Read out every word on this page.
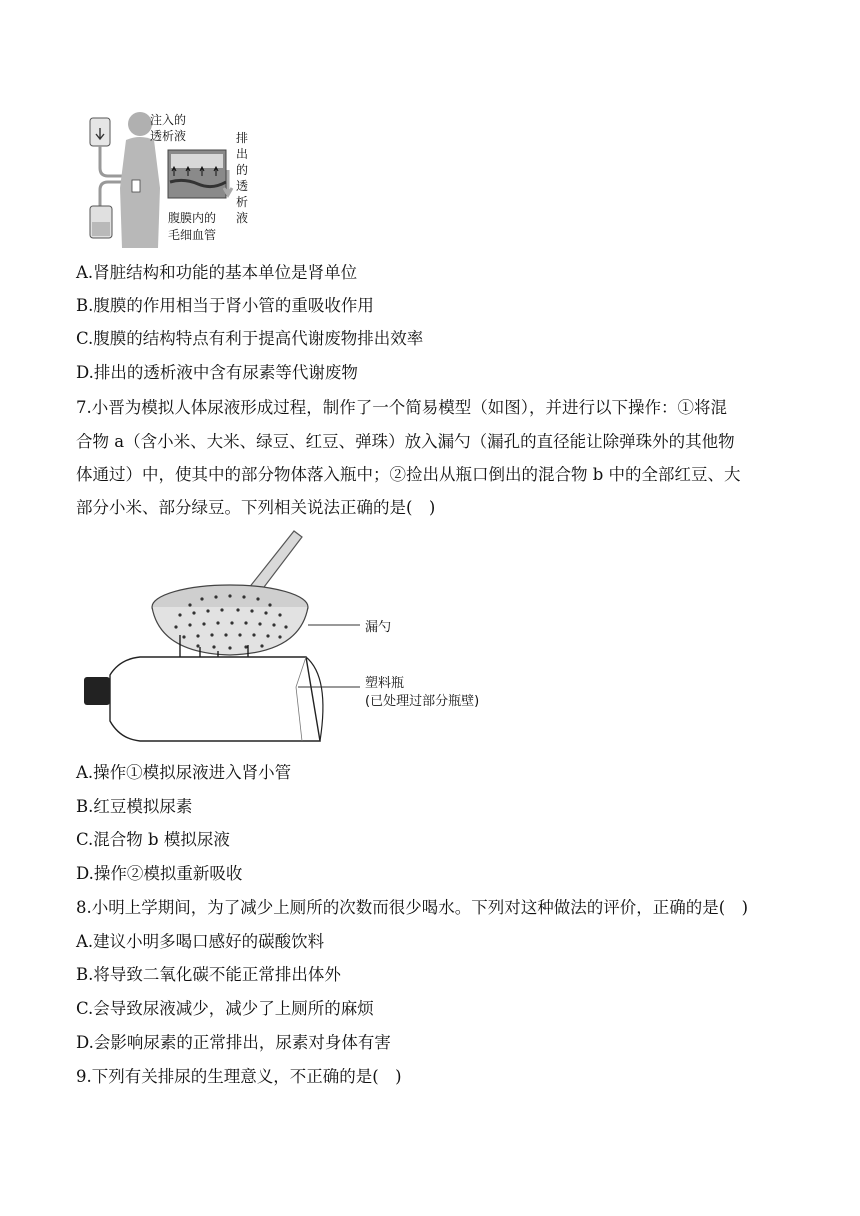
注入的
透析液	排
出
的
透
析
液
腹膜内的
毛细血管
A.肾脏结构和功能的基本单位是肾单位
B.腹膜的作用相当于肾小管的重吸收作用
C.腹膜的结构特点有利于提高代谢废物排出效率
D.排出的透析液中含有尿素等代谢废物
7.小晋为模拟人体尿液形成过程，制作了一个简易模型（如图），并进行以下操作：①将混
合物 a（含小米、大米、绿豆、红豆、弹珠）放入漏勺（漏孔的直径能让除弹珠外的其他物
体通过）中，使其中的部分物体落入瓶中；②捡出从瓶口倒出的混合物 b 中的全部红豆、大
部分小米、部分绿豆。下列相关说法正确的是(　)
漏勺
塑料瓶
(已处理过部分瓶壁)
A.操作①模拟尿液进入肾小管
B.红豆模拟尿素
C.混合物 b 模拟尿液
D.操作②模拟重新吸收
8.小明上学期间，为了减少上厕所的次数而很少喝水。下列对这种做法的评价，正确的是(　)
A.建议小明多喝口感好的碳酸饮料
B.将导致二氧化碳不能正常排出体外
C.会导致尿液减少，减少了上厕所的麻烦
D.会影响尿素的正常排出，尿素对身体有害
9.下列有关排尿的生理意义，不正确的是(　)
